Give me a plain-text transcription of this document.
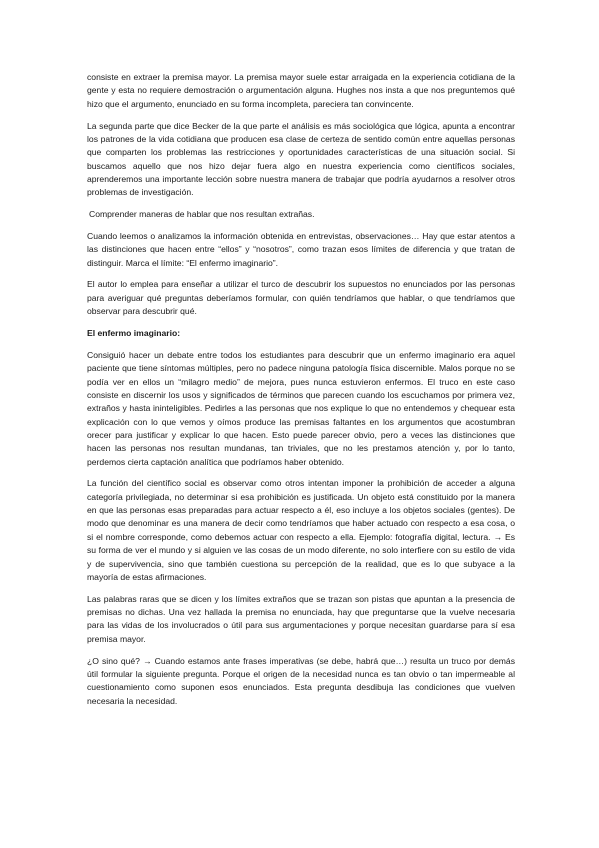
consiste en extraer la premisa mayor. La premisa mayor suele estar arraigada en la experiencia cotidiana de la gente y esta no requiere demostración o argumentación alguna. Hughes nos insta a que nos preguntemos qué hizo que el argumento, enunciado en su forma incompleta, pareciera tan convincente.

La segunda parte que dice Becker de la que parte el análisis es más sociológica que lógica, apunta a encontrar los patrones de la vida cotidiana que producen esa clase de certeza de sentido común entre aquellas personas que comparten los problemas las restricciones y oportunidades características de una situación social. Si buscamos aquello que nos hizo dejar fuera algo en nuestra experiencia como científicos sociales, aprenderemos una importante lección sobre nuestra manera de trabajar que podría ayudarnos a resolver otros problemas de investigación.

Comprender maneras de hablar que nos resultan extrañas.

Cuando leemos o analizamos la información obtenida en entrevistas, observaciones… Hay que estar atentos a las distinciones que hacen entre “ellos” y “nosotros”, como trazan esos límites de diferencia y que tratan de distinguir. Marca el límite: “El enfermo imaginario”.

El autor lo emplea para enseñar a utilizar el turco de descubrir los supuestos no enunciados por las personas para averiguar qué preguntas deberíamos formular, con quién tendríamos que hablar, o que tendríamos que observar para descubrir qué.

El enfermo imaginario:

Consiguió hacer un debate entre todos los estudiantes para descubrir que un enfermo imaginario era aquel paciente que tiene síntomas múltiples, pero no padece ninguna patología física discernible. Malos porque no se podía ver en ellos un “milagro medio” de mejora, pues nunca estuvieron enfermos. El truco en este caso consiste en discernir los usos y significados de términos que parecen cuando los escuchamos por primera vez, extraños y hasta ininteligibles. Pedirles a las personas que nos explique lo que no entendemos y chequear esta explicación con lo que vemos y oímos produce las premisas faltantes en los argumentos que acostumbran orecer para justificar y explicar lo que hacen. Esto puede parecer obvio, pero a veces las distinciones que hacen las personas nos resultan mundanas, tan triviales, que no les prestamos atención y, por lo tanto, perdemos cierta captación analítica que podríamos haber obtenido.

La función del científico social es observar como otros intentan imponer la prohibición de acceder a alguna categoría privilegiada, no determinar si esa prohibición es justificada. Un objeto está constituido por la manera en que las personas esas preparadas para actuar respecto a él, eso incluye a los objetos sociales (gentes). De modo que denominar es una manera de decir como tendríamos que haber actuado con respecto a esa cosa, o si el nombre corresponde, como debemos actuar con respecto a ella. Ejemplo: fotografía digital, lectura. → Es su forma de ver el mundo y si alguien ve las cosas de un modo diferente, no solo interfiere con su estilo de vida y de supervivencia, sino que también cuestiona su percepción de la realidad, que es lo que subyace a la mayoría de estas afirmaciones.

Las palabras raras que se dicen y los límites extraños que se trazan son pistas que apuntan a la presencia de premisas no dichas. Una vez hallada la premisa no enunciada, hay que preguntarse que la vuelve necesaria para las vidas de los involucrados o útil para sus argumentaciones y porque necesitan guardarse para sí esa premisa mayor.

¿O sino qué? → Cuando estamos ante frases imperativas (se debe, habrá que…) resulta un truco por demás útil formular la siguiente pregunta. Porque el origen de la necesidad nunca es tan obvio o tan impermeable al cuestionamiento como suponen esos enunciados. Esta pregunta desdibuja las condiciones que vuelven necesaria la necesidad.
